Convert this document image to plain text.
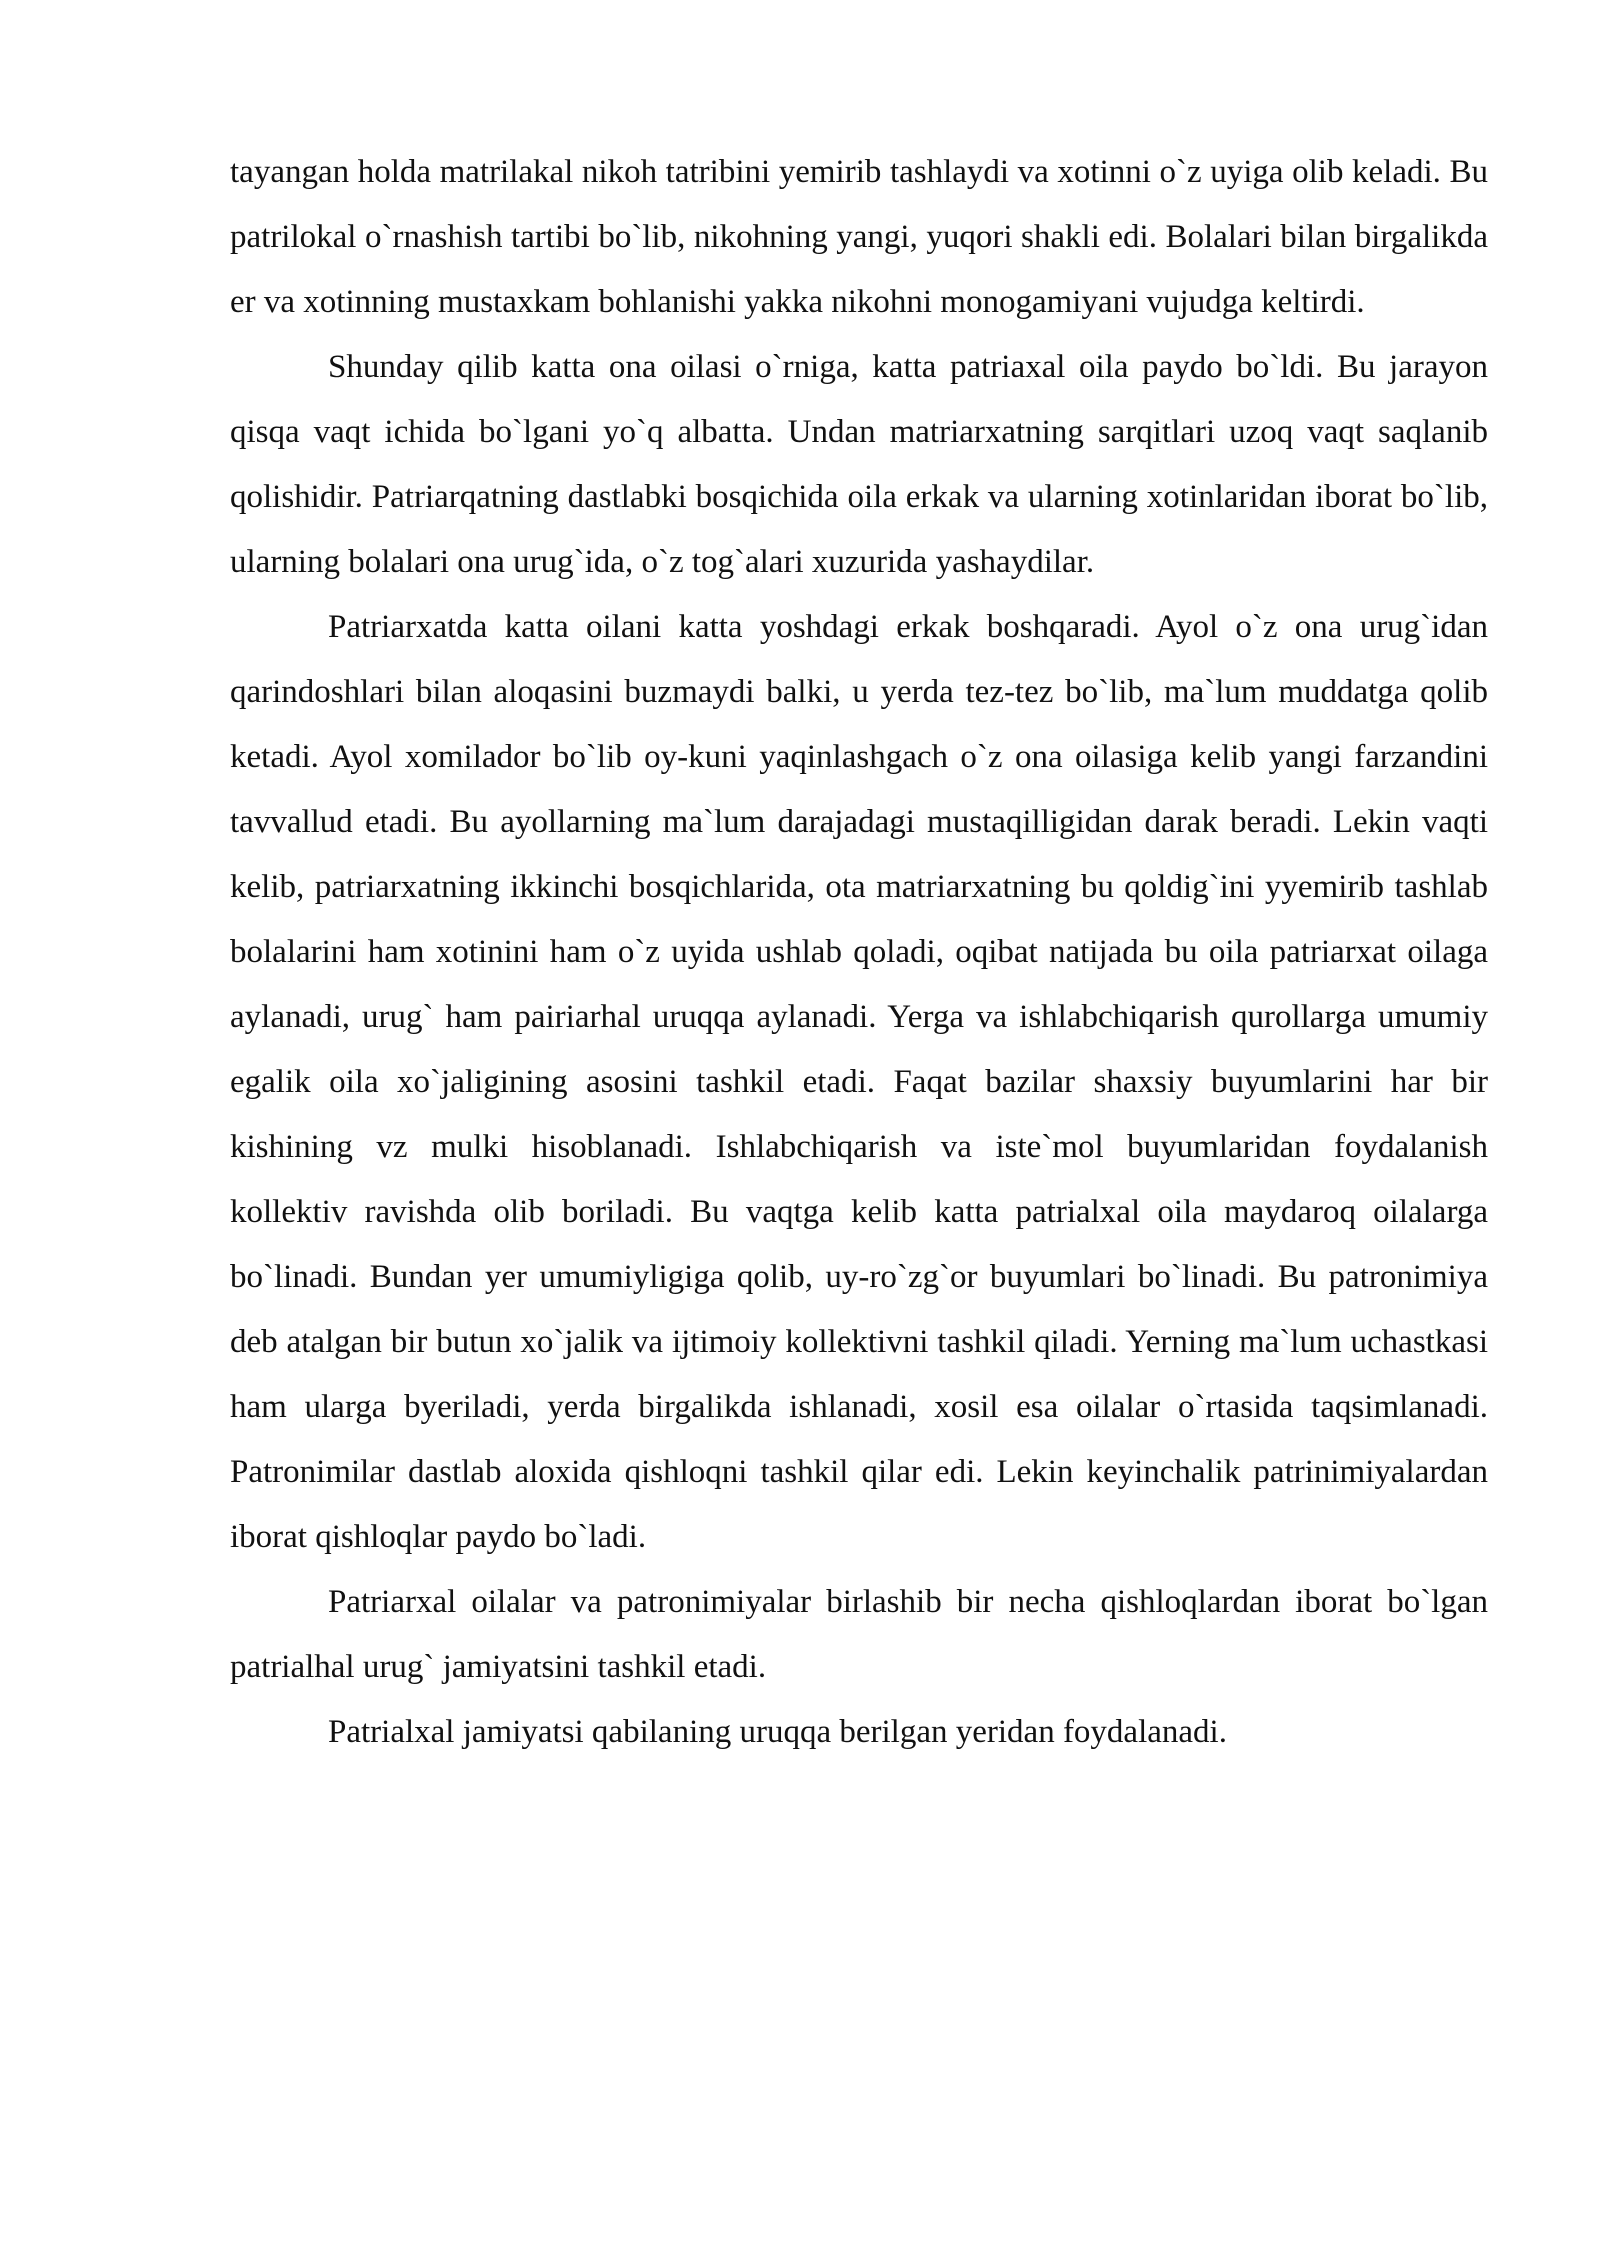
tayangan holda matrilakal nikoh tatribini yemirib tashlaydi va xotinni o`z uyiga olib keladi. Bu patrilokal o`rnashish tartibi bo`lib, nikohning yangi, yuqori shakli edi. Bolalari bilan birgalikda er va xotinning mustaxkam bohlanishi yakka nikohni monogamiyani vujudga keltirdi.

Shunday qilib katta ona oilasi o`rniga, katta patriaxal oila paydo bo`ldi. Bu jarayon qisqa vaqt ichida bo`lgani yo`q albatta. Undan matriarxatning sarqitlari uzoq vaqt saqlanib qolishidir. Patriarqatning dastlabki bosqichida oila erkak va ularning xotinlaridan iborat bo`lib, ularning bolalari ona urug`ida, o`z tog`alari xuzurida yashaydilar.

Patriarxatda katta oilani katta yoshdagi erkak boshqaradi. Ayol o`z ona urug`idan qarindoshlari bilan aloqasini buzmaydi balki, u yerda tez-tez bo`lib, ma`lum muddatga qolib ketadi. Ayol xomilador bo`lib oy-kuni yaqinlashgach o`z ona oilasiga kelib yangi farzandini tavvallud etadi. Bu ayollarning ma`lum darajadagi mustaqilligidan darak beradi. Lekin vaqti kelib, patriarxatning ikkinchi bosqichlarida, ota matriarxatning bu qoldig`ini yyemirib tashlab bolalarini ham xotinini ham o`z uyida ushlab qoladi, oqibat natijada bu oila patriarxat oilaga aylanadi, urug` ham pairiarhal uruqqa aylanadi. Yerga va ishlabchiqarish qurollarga umumiy egalik oila xo`jaligining asosini tashkil etadi. Faqat bazilar shaxsiy buyumlarini har bir kishining vz mulki hisoblanadi. Ishlabchiqarish va iste`mol buyumlaridan foydalanish kollektiv ravishda olib boriladi. Bu vaqtga kelib katta patrialxal oila maydaroq oilalarga bo`linadi. Bundan yer umumiyligiga qolib, uy-ro`zg`or buyumlari bo`linadi. Bu patronimiya deb atalgan bir butun xo`jalik va ijtimoiy kollektivni tashkil qiladi. Yerning ma`lum uchastkasi ham ularga byeriladi, yerda birgalikda ishlanadi, xosil esa oilalar o`rtasida taqsimlanadi. Patronimilar dastlab aloxida qishloqni tashkil qilar edi. Lekin keyinchalik patrinimiyalardan iborat qishloqlar paydo bo`ladi.

Patriarxal oilalar va patronimiyalar birlashib bir necha qishloqlardan iborat bo`lgan patrialhal urug` jamiyatsini tashkil etadi.

Patrialxal jamiyatsi qabilaning uruqqa berilgan yeridan foydalanadi.
